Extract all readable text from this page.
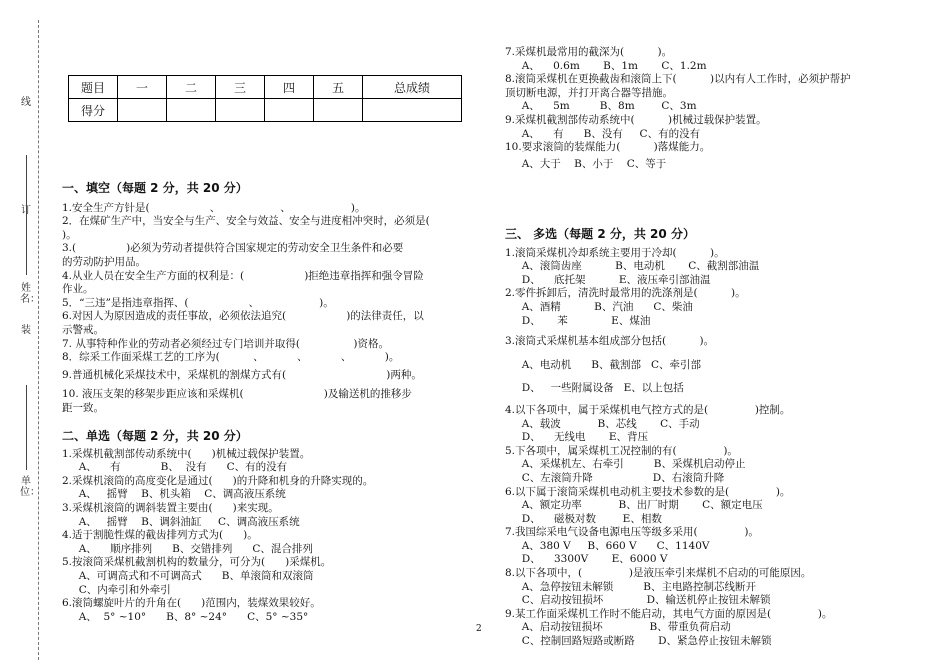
线
订
姓名：
装
单位：
题目	一	二	三	四	五	总成绩
得分						

一、填空（每题 2 分，共 20 分）

1.安全生产方针是(                  、                  、                  )。

2．在煤矿生产中，当安全与生产、安全与效益、安全与进度相冲突时，必须是(

)。

3.(               )必须为劳动者提供符合国家规定的劳动安全卫生条件和必要

的劳动防护用品。

4.从业人员在安全生产方面的权利是：(                  )拒绝违章指挥和强令冒险

作业。

5．“三违”是指违章指挥、(                  、                  )。

6.对因人为原因造成的责任事故，必须依法追究(                  )的法律责任，以

示警戒。

7. 从事特种作业的劳动者必须经过专门培训并取得(                )资格。

8．综采工作面采煤工艺的工序为(          、          、          、          )。

9.普通机械化采煤技术中，采煤机的割煤方式有(                              )两种。

10. 液压支架的移架步距应该和采煤机(                        )及输送机的推移步

距一致。

二、单选（每题 2 分，共 20 分）

1.采煤机截割部传动系统中(      )机械过载保护装置。

A、    有            B、  没有      C、有的没有

2.采煤机滚筒的高度变化是通过(      )的升降和机身的升降实现的。

A、   摇臂    B、机头箱    C、调高液压系统

3.采煤机滚筒的调斜装置主要由(      )来实现。

A、   摇臂    B、调斜油缸     C、调高液压系统

4.适于割脆性煤的截齿排列方式为(      )。

A、    顺序排列      B、交错排列      C、混合排列

5.按滚筒采煤机截割机构的数量分，可分为(      )采煤机。

A、可调高式和不可调高式      B、单滚筒和双滚筒

C、内牵引和外牵引

6.滚筒螺旋叶片的升角在(      )范围内，装煤效果较好。

A、  5° ~10°      B、8° ~24°      C、5° ~35°

7.采煤机最常用的截深为(          )。

A、    0.6m       B、1m       C、1.2m

8.滚筒采煤机在更换截齿和滚筒上下(          )以内有人工作时，必须护帮护

顶切断电源，并打开离合器等措施。

A、    5m         B、8m        C、3m

9.采煤机截割部传动系统中(          )机械过载保护装置。

A、    有      B、没有     C、有的没有

10.要求滚筒的装煤能力(          )落煤能力。

A、大于    B、小于    C、等于

三、 多选（每题 2 分，共 20 分）

1.滚筒采煤机冷却系统主要用于冷却(          )。

A、滚筒齿座          B、电动机       C、截割部油温

D、    底托架          E、液压牵引部油温

2.零件拆卸后，清洗时最常用的洗涤剂是(          )。

A、酒精          B、汽油      C、柴油

D、     苯             E、煤油

3.滚筒式采煤机基本组成部分包括(          )。

A、电动机      B、截割部   C、牵引部

D、   一些附属设备   E、以上包括

4.以下各项中，属于采煤机电气控方式的是(              )控制。

A、载波           B、芯线       C、手动

D、    无线电       E、背压

5.下各项中，属采煤机工况控制的有(              )。

A、采煤机左、右牵引         B、采煤机启动停止

C、左滚筒升降                  D、右滚筒升降

6.以下属于滚筒采煤机电动机主要技术参数的是(              )。

A、额定功率           B、出厂时期       C、额定电压

D、    磁极对数        E、相数

7.我国综采电气设备电源电压等级多采用(              )。

A、380 V     B、660 V      C、1140V

D、    3300V       E、6000 V

8.以下各项中，(              )是液压牵引来煤机不启动的可能原因。

A、急停按钮未解锁         B、主电路控制芯线断开

C、启动按钮损坏             D、输送机停止按钮未解锁

9.某工作面采煤机工作时不能启动，其电气方面的原因是(              )。

A、启动按钮损坏              B、带重负荷启动

C、控制回路短路或断路       D、紧急停止按钮未解锁

2
